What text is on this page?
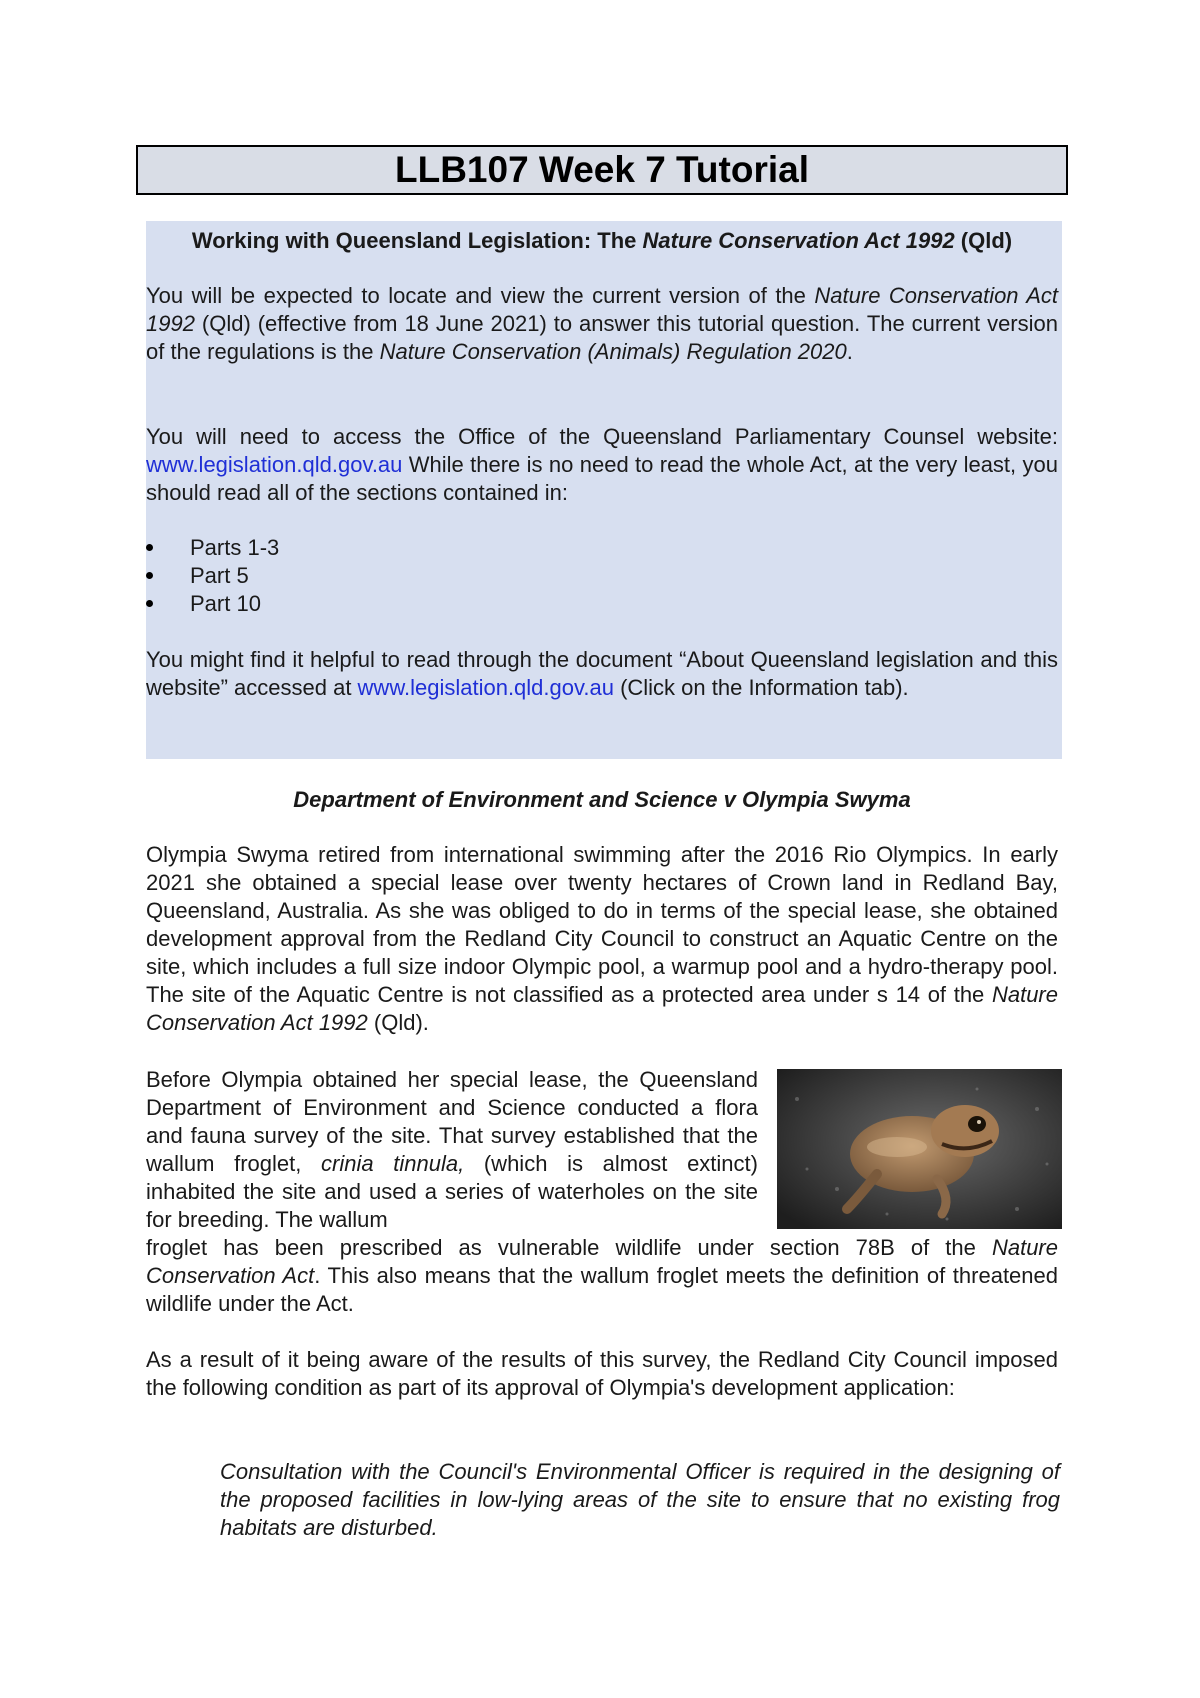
LLB107 Week 7 Tutorial
Working with Queensland Legislation: The Nature Conservation Act 1992 (Qld)
You will be expected to locate and view the current version of the Nature Conservation Act 1992 (Qld) (effective from 18 June 2021) to answer this tutorial question. The current version of the regulations is the Nature Conservation (Animals) Regulation 2020.
You will need to access the Office of the Queensland Parliamentary Counsel website: www.legislation.qld.gov.au While there is no need to read the whole Act, at the very least, you should read all of the sections contained in:
Parts 1-3
Part 5
Part 10
You might find it helpful to read through the document “About Queensland legislation and this website” accessed at www.legislation.qld.gov.au (Click on the Information tab).
Department of Environment and Science v Olympia Swyma
Olympia Swyma retired from international swimming after the 2016 Rio Olympics. In early 2021 she obtained a special lease over twenty hectares of Crown land in Redland Bay, Queensland, Australia. As she was obliged to do in terms of the special lease, she obtained development approval from the Redland City Council to construct an Aquatic Centre on the site, which includes a full size indoor Olympic pool, a warmup pool and a hydro-therapy pool. The site of the Aquatic Centre is not classified as a protected area under s 14 of the Nature Conservation Act 1992 (Qld).
Before Olympia obtained her special lease, the Queensland Department of Environment and Science conducted a flora and fauna survey of the site. That survey established that the wallum froglet, crinia tinnula, (which is almost extinct) inhabited the site and used a series of waterholes on the site for breeding. The wallum
froglet has been prescribed as vulnerable wildlife under section 78B of the Nature Conservation Act. This also means that the wallum froglet meets the definition of threatened wildlife under the Act.
As a result of it being aware of the results of this survey, the Redland City Council imposed the following condition as part of its approval of Olympia's development application:
Consultation with the Council's Environmental Officer is required in the designing of the proposed facilities in low-lying areas of the site to ensure that no existing frog habitats are disturbed.
